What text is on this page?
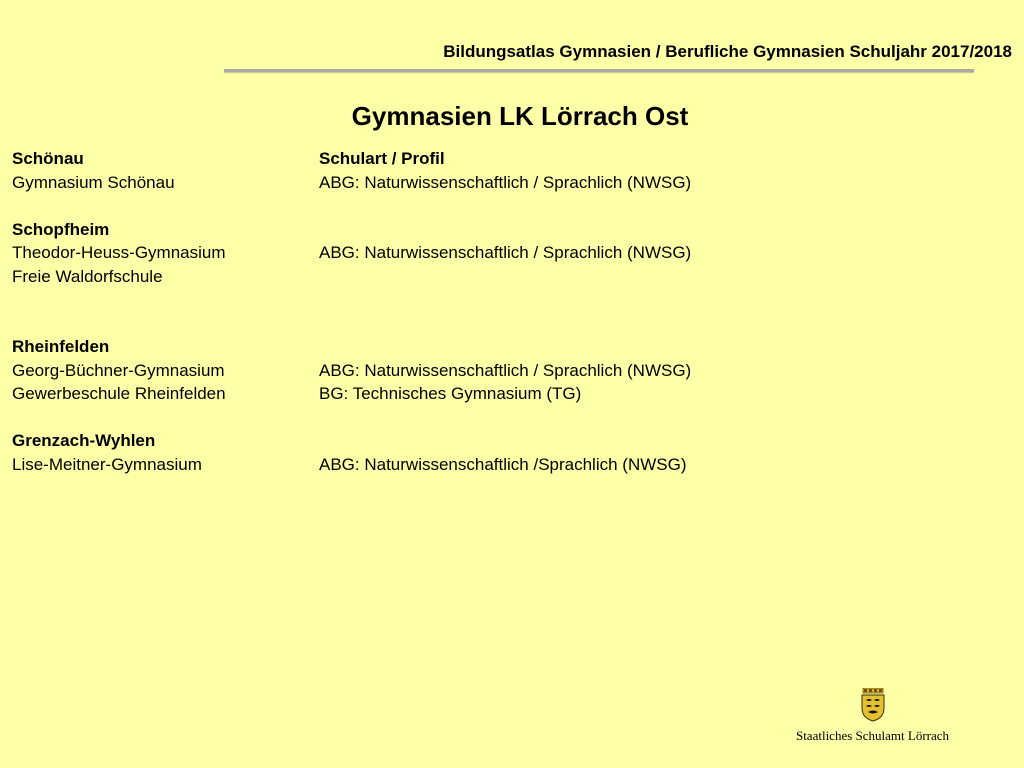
Bildungsatlas Gymnasien / Berufliche Gymnasien Schuljahr 2017/2018
Gymnasien LK Lörrach Ost
Schönau	Schulart / Profil
Gymnasium Schönau	ABG: Naturwissenschaftlich / Sprachlich (NWSG)
Schopfheim
Theodor-Heuss-Gymnasium	ABG: Naturwissenschaftlich / Sprachlich (NWSG)
Freie Waldorfschule
Rheinfelden
Georg-Büchner-Gymnasium	ABG: Naturwissenschaftlich / Sprachlich (NWSG)
Gewerbeschule Rheinfelden	BG: Technisches Gymnasium (TG)
Grenzach-Wyhlen
Lise-Meitner-Gymnasium	ABG: Naturwissenschaftlich /Sprachlich (NWSG)
Staatliches Schulamt Lörrach
